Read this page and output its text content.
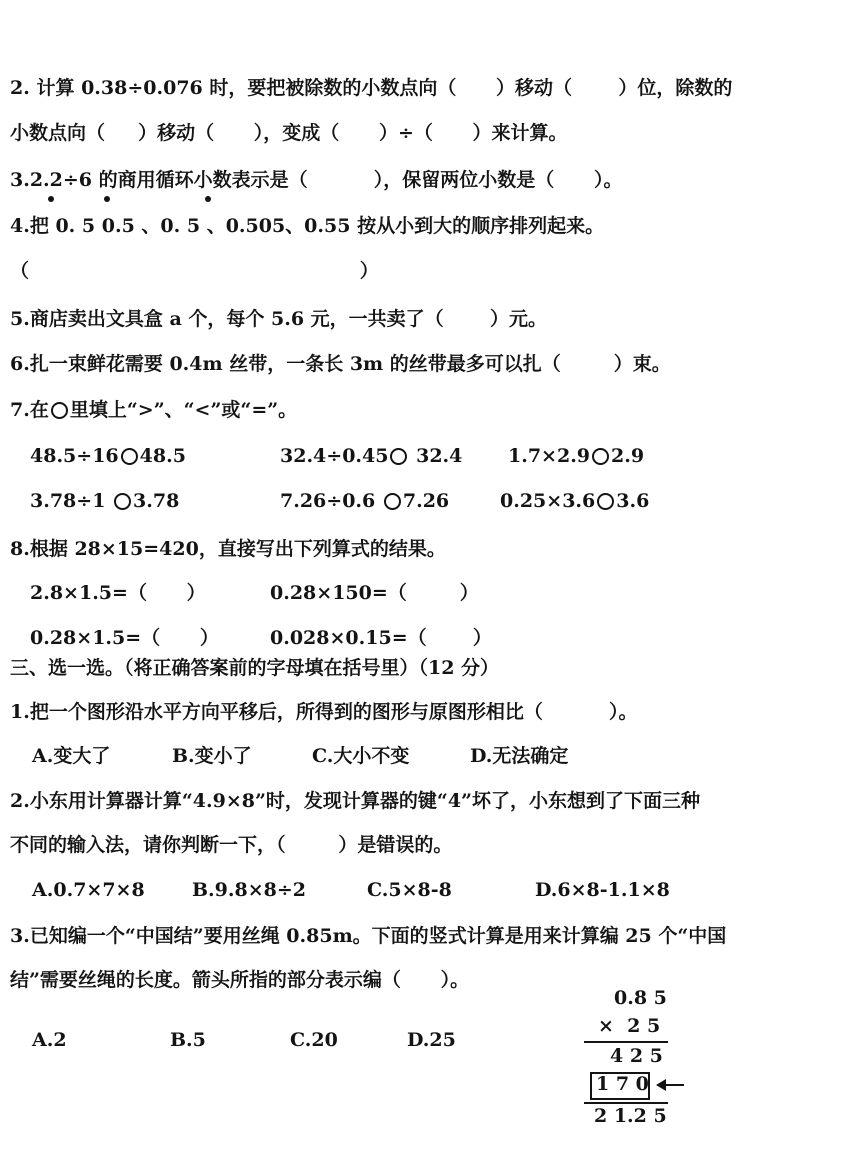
2. 计算 0.38÷0.076 时，要把被除数的小数点向（      ）移动（       ）位，除数的
小数点向（     ）移动（      ），变成（      ）÷（      ）来计算。
3.2.2÷6 的商用循环小数表示是（          ），保留两位小数是（      ）。
4.把 0. 5 0.5 、0. 5 、0.505、0.55 按从小到大的顺序排列起来。
（                                                  ）
5.商店卖出文具盒 a 个，每个 5.6 元，一共卖了（       ）元。
6.扎一束鲜花需要 0.4m 丝带，一条长 3m 的丝带最多可以扎（        ）束。
7.在 里填上“>”、“<”或“=”。
48.5÷16 48.5	32.4÷0.45 32.4 1.7×2.9 2.9
3.78÷1 3.78	7.26÷0.6 7.26	0.25×3.6 3.6
8.根据 28×15=420，直接写出下列算式的结果。
2.8×1.5=（      ）	0.28×150=（        ）
0.28×1.5=（      ）	0.028×0.15=（       ）
三、选一选。（将正确答案前的字母填在括号里）（12 分）
1.把一个图形沿水平方向平移后，所得到的图形与原图形相比（          ）。
A.变大了	B.变小了	C.大小不变	D.无法确定
2.小东用计算器计算“4.9×8”时，发现计算器的键“4”坏了，小东想到了下面三种
不同的输入法，请你判断一下，（        ）是错误的。
A.0.7×7×8 B.9.8×8÷2	C.5×8-8	D.6×8-1.1×8
3.已知编一个“中国结”要用丝绳 0.85m。下面的竖式计算是用来计算编 25 个“中国
结”需要丝绳的长度。箭头所指的部分表示编（      ）。
A.2	B.5	C.20	D.25
0.8 5
×  2 5
4 2 5
1 7 0
2 1.2 5
